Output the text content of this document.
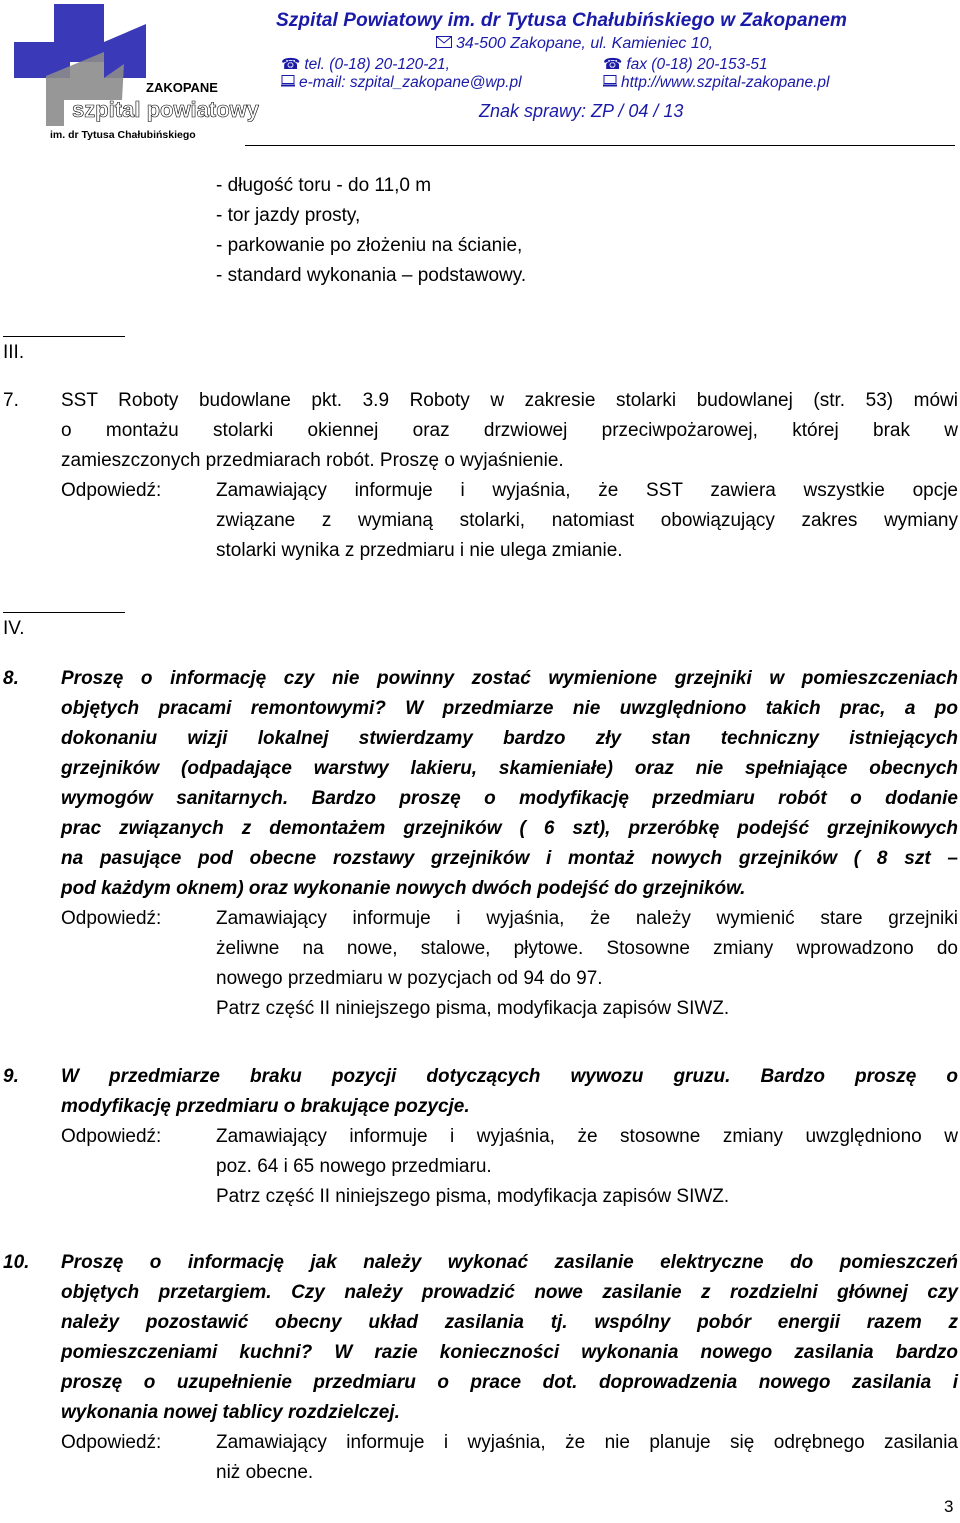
ZAKOPANE
szpital powiatowy
im. dr Tytusa Chałubińskiego
Szpital Powiatowy im. dr Tytusa Chałubińskiego w Zakopanem
34-500 Zakopane, ul. Kamieniec 10,
☎ tel. (0-18) 20-120-21,	☎ fax (0-18) 20-153-51
e-mail: szpital_zakopane@wp.pl	http://www.szpital-zakopane.pl
Znak sprawy: ZP / 04 / 13
- długość toru - do 11,0 m
- tor jazdy prosty,
- parkowanie po złożeniu na ścianie,
- standard wykonania – podstawowy.
III.
7. SST Roboty budowlane pkt. 3.9 Roboty w zakresie stolarki budowlanej (str. 53) mówi
o montażu stolarki okiennej oraz drzwiowej przeciwpożarowej, której brak w
zamieszczonych przedmiarach robót. Proszę o wyjaśnienie.
Odpowiedź:	Zamawiający informuje i wyjaśnia, że SST zawiera wszystkie opcje
związane z wymianą stolarki, natomiast obowiązujący zakres wymiany
stolarki wynika z przedmiaru i nie ulega zmianie.
IV.
8. Proszę o informację czy nie powinny zostać wymienione grzejniki w pomieszczeniach
objętych pracami remontowymi? W przedmiarze nie uwzględniono takich prac, a po
dokonaniu wizji lokalnej stwierdzamy bardzo zły stan techniczny istniejących
grzejników (odpadające warstwy lakieru, skamieniałe) oraz nie spełniające obecnych
wymogów sanitarnych. Bardzo proszę o modyfikację przedmiaru robót o dodanie
prac związanych z demontażem grzejników ( 6 szt), przeróbkę podejść grzejnikowych
na pasujące pod obecne rozstawy grzejników i montaż nowych grzejników ( 8 szt –
pod każdym oknem) oraz wykonanie nowych dwóch podejść do grzejników.
Odpowiedź:	Zamawiający informuje i wyjaśnia, że należy wymienić stare grzejniki
żeliwne na nowe, stalowe, płytowe. Stosowne zmiany wprowadzono do
nowego przedmiaru w pozycjach od 94 do 97.
Patrz część II niniejszego pisma, modyfikacja zapisów SIWZ.
9. W przedmiarze braku pozycji dotyczących wywozu gruzu. Bardzo proszę o
modyfikację przedmiaru o brakujące pozycje.
Odpowiedź:	Zamawiający informuje i wyjaśnia, że stosowne zmiany uwzględniono w
poz. 64 i 65 nowego przedmiaru.
Patrz część II niniejszego pisma, modyfikacja zapisów SIWZ.
10. Proszę o informację jak należy wykonać zasilanie elektryczne do pomieszczeń
objętych przetargiem. Czy należy prowadzić nowe zasilanie z rozdzielni głównej czy
należy pozostawić obecny układ zasilania tj. wspólny pobór energii razem z
pomieszczeniami kuchni? W razie konieczności wykonania nowego zasilania bardzo
proszę o uzupełnienie przedmiaru o prace dot. doprowadzenia nowego zasilania i
wykonania nowej tablicy rozdzielczej.
Odpowiedź:	Zamawiający informuje i wyjaśnia, że nie planuje się odrębnego zasilania
niż obecne.
3
